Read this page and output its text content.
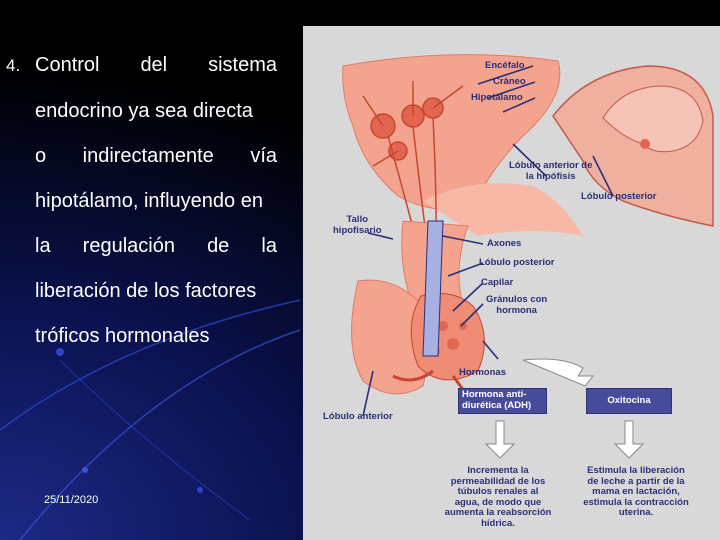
4. Control del sistema
endocrino ya sea directa
o indirectamente vía
hipotálamo, influyendo en
la regulación de la
liberación de los factores
tróficos hormonales
25/11/2020
Encéfalo
Cráneo
Hipotálamo
Lóbulo anterior de
la hipófisis
Lóbulo posterior
Tallo
hipofisario
Axones
Lóbulo posterior
Capilar
Gránulos con
hormona
Hormonas
Lóbulo anterior
Hormona anti-
diurética (ADH)	Oxitocina
Incrementa la
permeabilidad de los
túbulos renales al
agua, de modo que
aumenta la reabsorción
hídrica.
Estimula la liberación
de leche a partir de la
mama en lactación,
estimula la contracción
uterina.
